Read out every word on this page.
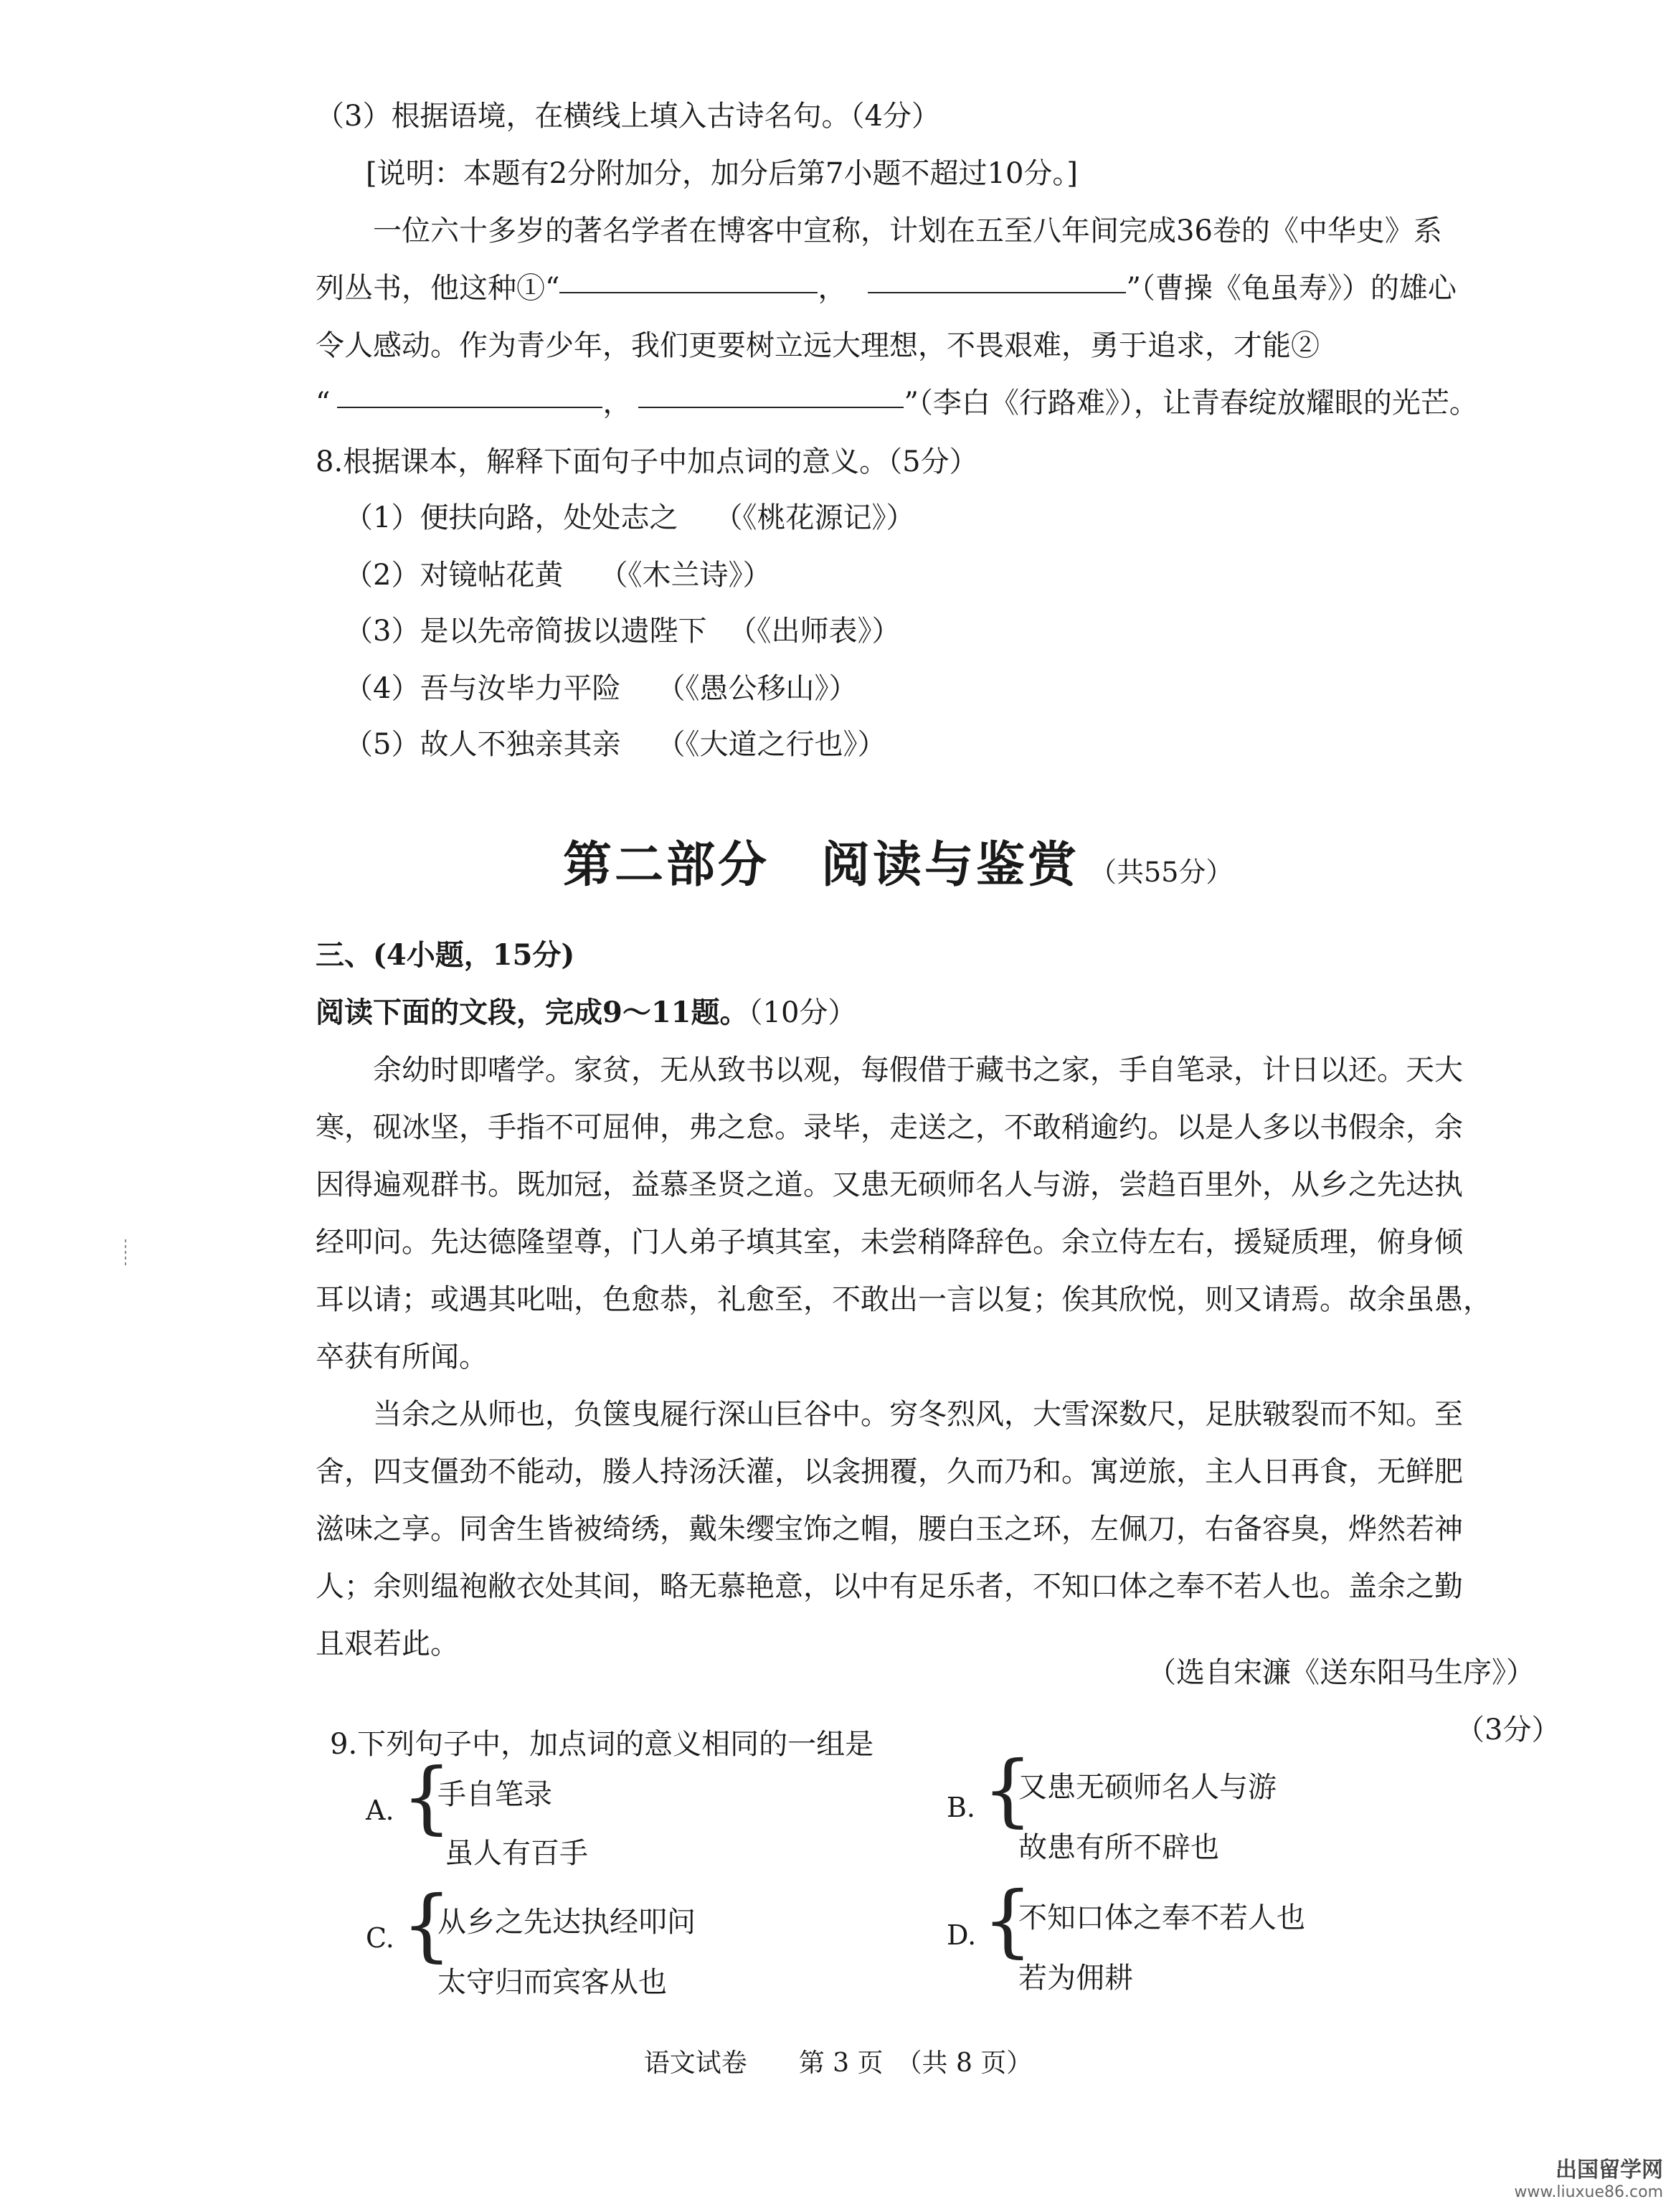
（3）根据语境，在横线上填入古诗名句。（4分）
[说明：本题有2分附加分，加分后第7小题不超过10分。]
一位六十多岁的著名学者在博客中宣称，计划在五至八年间完成36卷的《中华史》系
列丛书，他这种①“	，	”（曹操《龟虽寿》）的雄心
令人感动。作为青少年，我们更要树立远大理想，不畏艰难，勇于追求，才能②
“	，	”（李白《行路难》），让青春绽放耀眼的光芒。
8.根据课本，解释下面句子中加点词的意义。（5分）
（1）便扶向路，处处志之 （《桃花源记》）
（2）对镜帖花黄 （《木兰诗》）
（3）是以先帝简拔以遗陛下 （《出师表》）
（4）吾与汝毕力平险 （《愚公移山》）
（5）故人不独亲其亲 （《大道之行也》）
第二部分　阅读与鉴赏 （共55分）
三、(4小题，15分)
阅读下面的文段，完成9～11题。（10分）
余幼时即嗜学。家贫，无从致书以观，每假借于藏书之家，手自笔录，计日以还。天大
寒，砚冰坚，手指不可屈伸，弗之怠。录毕，走送之，不敢稍逾约。以是人多以书假余，余
因得遍观群书。既加冠，益慕圣贤之道。又患无硕师名人与游，尝趋百里外，从乡之先达执
经叩问。先达德隆望尊，门人弟子填其室，未尝稍降辞色。余立侍左右，援疑质理，俯身倾
耳以请；或遇其叱咄，色愈恭，礼愈至，不敢出一言以复；俟其欣悦，则又请焉。故余虽愚，
卒获有所闻。
当余之从师也，负箧曳屣行深山巨谷中。穷冬烈风，大雪深数尺，足肤皲裂而不知。至
舍，四支僵劲不能动，媵人持汤沃灌，以衾拥覆，久而乃和。寓逆旅，主人日再食，无鲜肥
滋味之享。同舍生皆被绮绣，戴朱缨宝饰之帽，腰白玉之环，左佩刀，右备容臭，烨然若神
人；余则缊袍敝衣处其间，略无慕艳意，以中有足乐者，不知口体之奉不若人也。盖余之勤
且艰若此。
（选自宋濂《送东阳马生序》）
（3分）
9.下列句子中，加点词的意义相同的一组是
A. {
手自笔录
虽人有百手
B. {
又患无硕师名人与游
故患有所不辟也
C. {
从乡之先达执经叩问
太守归而宾客从也
D. {
不知口体之奉不若人也
若为佣耕
语文试卷　　第 3 页　（共 8 页）
出国留学网
www.liuxue86.com
